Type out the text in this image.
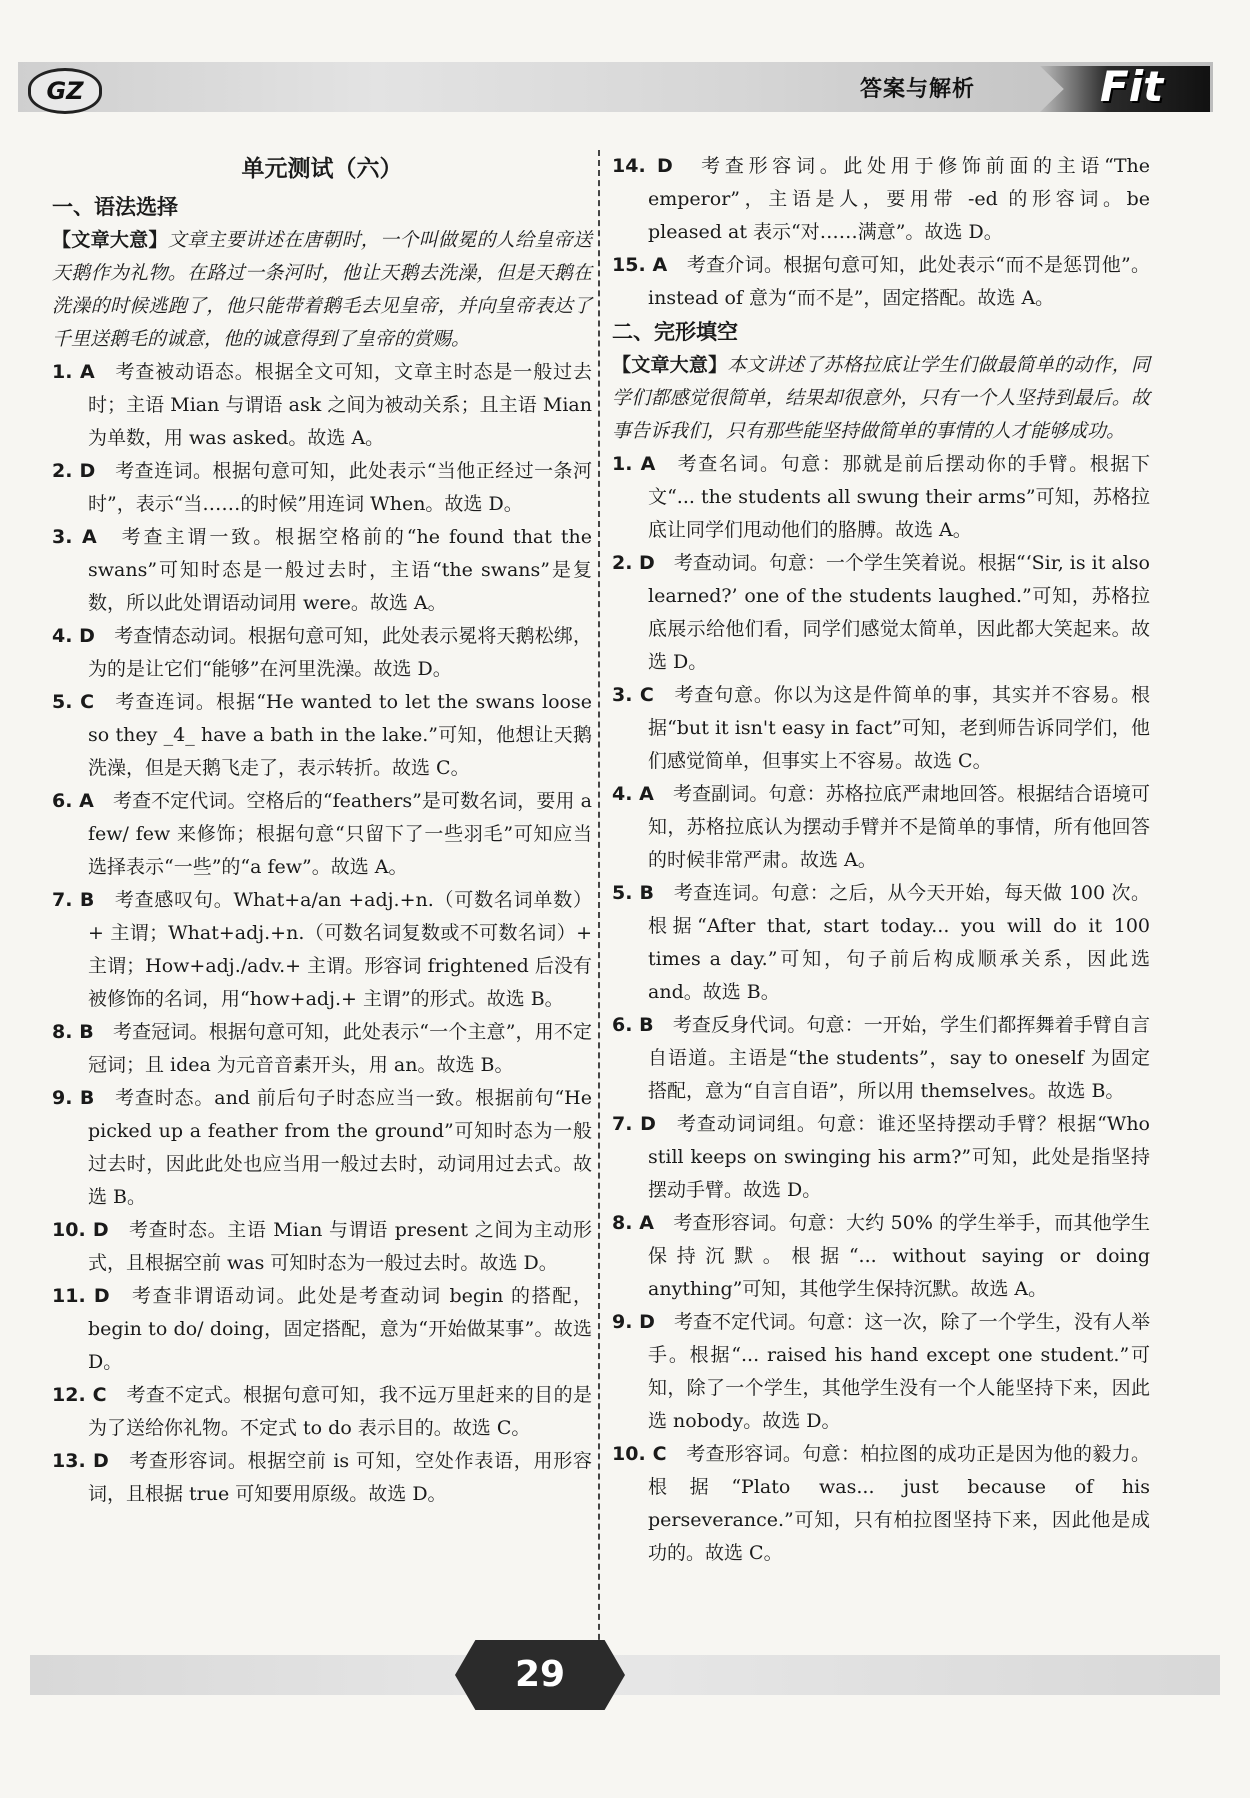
GZ	答案与解析	Fit

单元测试（六）

一、语法选择

【文章大意】文章主要讲述在唐朝时，一个叫做冕的人给皇帝送天鹅作为礼物。在路过一条河时，他让天鹅去洗澡，但是天鹅在洗澡的时候逃跑了，他只能带着鹅毛去见皇帝，并向皇帝表达了千里送鹅毛的诚意，他的诚意得到了皇帝的赏赐。

1. A　 考查被动语态。根据全文可知，文章主时态是一般过去时；主语 Mian 与谓语 ask 之间为被动关系；且主语 Mian 为单数，用 was asked。故选 A。

2. D　 考查连词。根据句意可知，此处表示“当他正经过一条河时”，表示“当……的时候”用连词 When。故选 D。

3. A　 考查主谓一致。根据空格前的“he found that the swans”可知时态是一般过去时，主语“the swans”是复数，所以此处谓语动词用 were。故选 A。

4. D　 考查情态动词。根据句意可知，此处表示冕将天鹅松绑，为的是让它们“能够”在河里洗澡。故选 D。

5. C　 考查连词。根据“He wanted to let the swans loose so they _4_ have a bath in the lake.”可知，他想让天鹅洗澡，但是天鹅飞走了，表示转折。故选 C。

6. A　 考查不定代词。空格后的“feathers”是可数名词，要用 a few/ few 来修饰；根据句意“只留下了一些羽毛”可知应当选择表示“一些”的“a few”。故选 A。

7. B　 考查感叹句。What+a/an +adj.+n.（可数名词单数）+ 主谓；What+adj.+n.（可数名词复数或不可数名词）+ 主谓；How+adj./adv.+ 主谓。形容词 frightened 后没有被修饰的名词，用“how+adj.+ 主谓”的形式。故选 B。

8. B　 考查冠词。根据句意可知，此处表示“一个主意”，用不定冠词；且 idea 为元音音素开头，用 an。故选 B。

9. B　 考查时态。and 前后句子时态应当一致。根据前句“He picked up a feather from the ground”可知时态为一般过去时，因此此处也应当用一般过去时，动词用过去式。故选 B。

10. D　 考查时态。主语 Mian 与谓语 present 之间为主动形式，且根据空前 was 可知时态为一般过去时。故选 D。

11. D　 考查非谓语动词。此处是考查动词 begin 的搭配，begin to do/ doing，固定搭配，意为“开始做某事”。故选 D。

12. C　 考查不定式。根据句意可知，我不远万里赶来的目的是为了送给你礼物。不定式 to do 表示目的。故选 C。

13. D　 考查形容词。根据空前 is 可知，空处作表语，用形容词，且根据 true 可知要用原级。故选 D。

14. D　 考查形容词。此处用于修饰前面的主语“The emperor”，主语是人，要用带 -ed 的形容词。be pleased at 表示“对……满意”。故选 D。

15. A　 考查介词。根据句意可知，此处表示“而不是惩罚他”。instead of 意为“而不是”，固定搭配。故选 A。

二、完形填空

【文章大意】本文讲述了苏格拉底让学生们做最简单的动作，同学们都感觉很简单，结果却很意外，只有一个人坚持到最后。故事告诉我们，只有那些能坚持做简单的事情的人才能够成功。

1. A　 考查名词。句意：那就是前后摆动你的手臂。根据下文“... the students all swung their arms”可知，苏格拉底让同学们甩动他们的胳膊。故选 A。

2. D　 考查动词。句意：一个学生笑着说。根据“‘Sir, is it also learned?’ one of the students laughed.”可知，苏格拉底展示给他们看，同学们感觉太简单，因此都大笑起来。故选 D。

3. C　 考查句意。你以为这是件简单的事，其实并不容易。根据“but it isn't easy in fact”可知，老到师告诉同学们，他们感觉简单，但事实上不容易。故选 C。

4. A　 考查副词。句意：苏格拉底严肃地回答。根据结合语境可知，苏格拉底认为摆动手臂并不是简单的事情，所有他回答的时候非常严肃。故选 A。

5. B　 考查连词。句意：之后，从今天开始，每天做 100 次。根据“After that, start today... you will do it 100 times a day.”可知，句子前后构成顺承关系，因此选 and。故选 B。

6. B　 考查反身代词。句意：一开始，学生们都挥舞着手臂自言自语道。主语是“the students”，say to oneself 为固定搭配，意为“自言自语”，所以用 themselves。故选 B。

7. D　 考查动词词组。句意：谁还坚持摆动手臂？根据“Who still keeps on swinging his arm?”可知，此处是指坚持摆动手臂。故选 D。

8. A　 考查形容词。句意：大约 50% 的学生举手，而其他学生保持沉默。根据“... without saying or doing anything”可知，其他学生保持沉默。故选 A。

9. D　 考查不定代词。句意：这一次，除了一个学生，没有人举手。根据“... raised his hand except one student.”可知，除了一个学生，其他学生没有一个人能坚持下来，因此选 nobody。故选 D。

10. C　 考查形容词。句意：柏拉图的成功正是因为他的毅力。根据“Plato was... just because of his perseverance.”可知，只有柏拉图坚持下来，因此他是成功的。故选 C。

29
